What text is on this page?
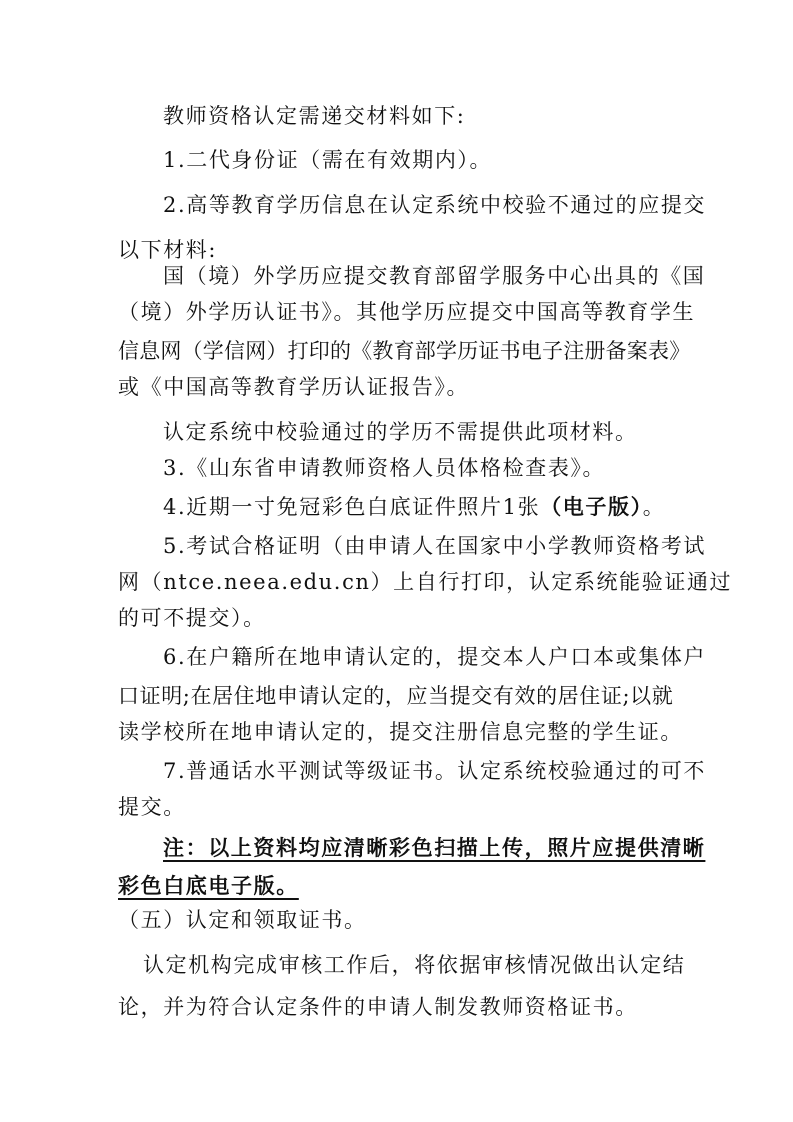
教师资格认定需递交材料如下:
1.二代身份证（需在有效期内）。
2.高等教育学历信息在认定系统中校验不通过的应提交
以下材料:
国（境）外学历应提交教育部留学服务中心出具的《国
（境）外学历认证书》。其他学历应提交中国高等教育学生
信息网（学信网）打印的《教育部学历证书电子注册备案表》
或《中国高等教育学历认证报告》。
认定系统中校验通过的学历不需提供此项材料。
3.《山东省申请教师资格人员体格检查表》。
4.近期一寸免冠彩色白底证件照片1张（电子版）。
5.考试合格证明（由申请人在国家中小学教师资格考试
网（ntce.neea.edu.cn）上自行打印，认定系统能验证通过
的可不提交）。
6.在户籍所在地申请认定的，提交本人户口本或集体户
口证明;在居住地申请认定的，应当提交有效的居住证;以就
读学校所在地申请认定的，提交注册信息完整的学生证。
7.普通话水平测试等级证书。认定系统校验通过的可不
提交。
注：以上资料均应清晰彩色扫描上传，照片应提供清晰
彩色白底电子版。
（五）认定和领取证书。
认定机构完成审核工作后，将依据审核情况做出认定结
论，并为符合认定条件的申请人制发教师资格证书。
